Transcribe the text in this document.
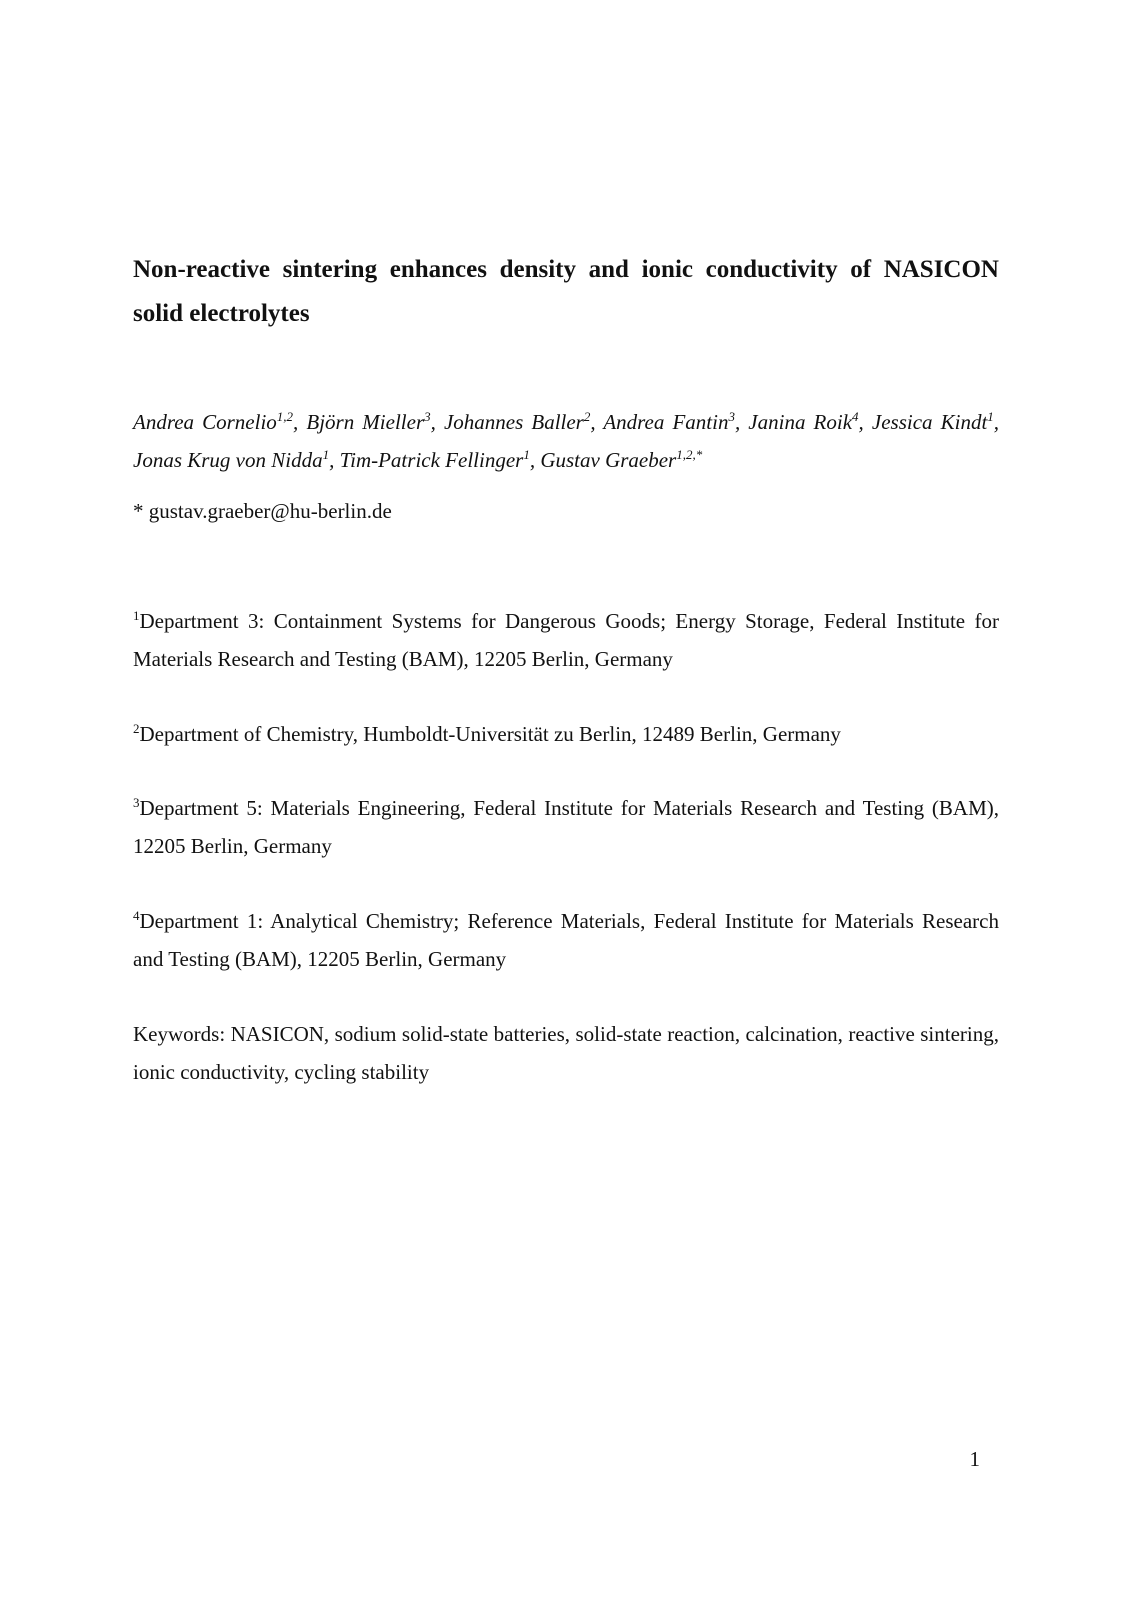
Non-reactive sintering enhances density and ionic conductivity of NASICON solid electrolytes

Andrea Cornelio$^{1,2}$, Björn Mieller$^3$, Johannes Baller$^2$, Andrea Fantin$^3$, Janina Roik$^4$, Jessica Kindt$^1$, Jonas Krug von Nidda$^1$, Tim-Patrick Fellinger$^1$, Gustav Graeber$^{1,2,*}$

* gustav.graeber@hu-berlin.de

$^1$Department 3: Containment Systems for Dangerous Goods; Energy Storage, Federal Institute for Materials Research and Testing (BAM), 12205 Berlin, Germany

$^2$Department of Chemistry, Humboldt-Universität zu Berlin, 12489 Berlin, Germany

$^3$Department 5: Materials Engineering, Federal Institute for Materials Research and Testing (BAM), 12205 Berlin, Germany

$^4$Department 1: Analytical Chemistry; Reference Materials, Federal Institute for Materials Research and Testing (BAM), 12205 Berlin, Germany

Keywords: NASICON, sodium solid-state batteries, solid-state reaction, calcination, reactive sintering, ionic conductivity, cycling stability

1
